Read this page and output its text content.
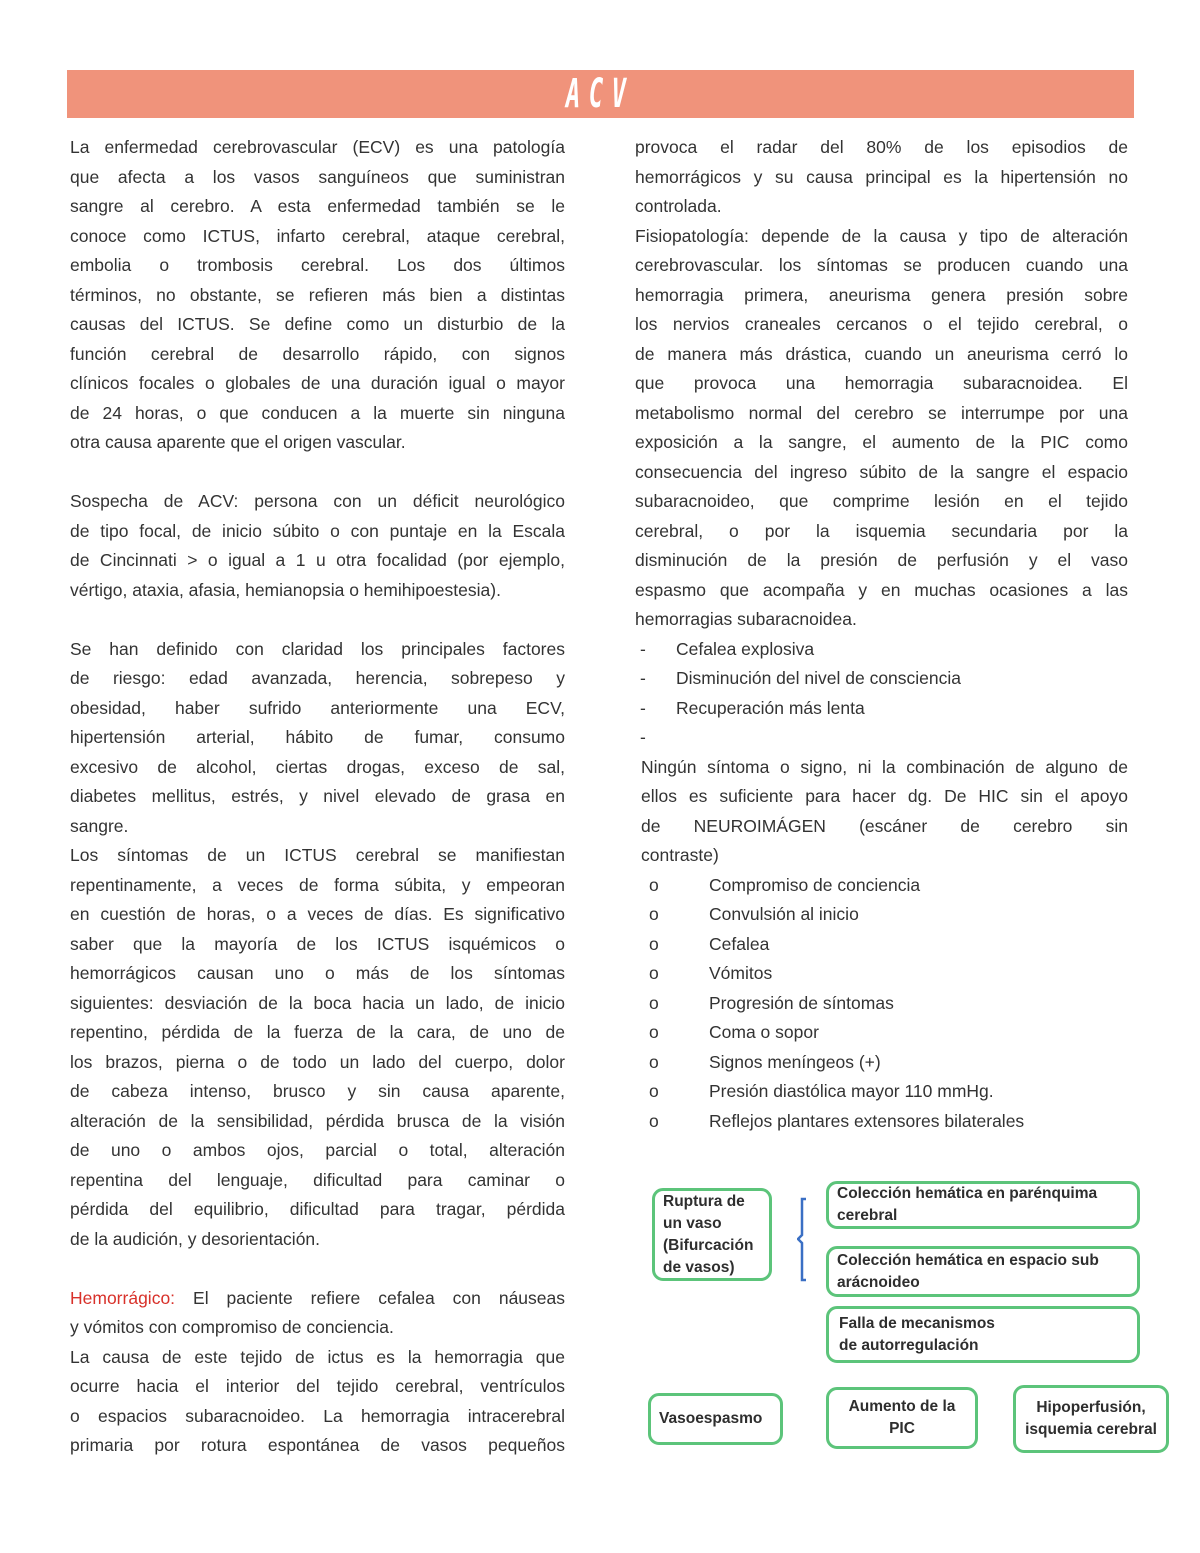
ACV
La enfermedad cerebrovascular (ECV) es una patología
que afecta a los vasos sanguíneos que suministran
sangre al cerebro. A esta enfermedad también se le
conoce como ICTUS, infarto cerebral, ataque cerebral,
embolia o trombosis cerebral. Los dos últimos
términos, no obstante, se refieren más bien a distintas
causas del ICTUS. Se define como un disturbio de la
función cerebral de desarrollo rápido, con signos
clínicos focales o globales de una duración igual o mayor
de 24 horas, o que conducen a la muerte sin ninguna
otra causa aparente que el origen vascular.
Sospecha de ACV: persona con un déficit neurológico
de tipo focal, de inicio súbito o con puntaje en la Escala
de Cincinnati > o igual a 1 u otra focalidad (por ejemplo,
vértigo, ataxia, afasia, hemianopsia o hemihipoestesia).
Se han definido con claridad los principales factores
de riesgo: edad avanzada, herencia, sobrepeso y
obesidad, haber sufrido anteriormente una ECV,
hipertensión arterial, hábito de fumar, consumo
excesivo de alcohol, ciertas drogas, exceso de sal,
diabetes mellitus, estrés, y nivel elevado de grasa en
sangre.
Los síntomas de un ICTUS cerebral se manifiestan
repentinamente, a veces de forma súbita, y empeoran
en cuestión de horas, o a veces de días. Es significativo
saber que la mayoría de los ICTUS isquémicos o
hemorrágicos causan uno o más de los síntomas
siguientes: desviación de la boca hacia un lado, de inicio
repentino, pérdida de la fuerza de la cara, de uno de
los brazos, pierna o de todo un lado del cuerpo, dolor
de cabeza intenso, brusco y sin causa aparente,
alteración de la sensibilidad, pérdida brusca de la visión
de uno o ambos ojos, parcial o total, alteración
repentina del lenguaje, dificultad para caminar o
pérdida del equilibrio, dificultad para tragar, pérdida
de la audición, y desorientación.
Hemorrágico: El paciente refiere cefalea con náuseas
y vómitos con compromiso de conciencia.
La causa de este tejido de ictus es la hemorragia que
ocurre hacia el interior del tejido cerebral, ventrículos
o espacios subaracnoideo. La hemorragia intracerebral
primaria por rotura espontánea de vasos pequeños
provoca el radar del 80% de los episodios de
hemorrágicos y su causa principal es la hipertensión no
controlada.
Fisiopatología: depende de la causa y tipo de alteración
cerebrovascular. los síntomas se producen cuando una
hemorragia primera, aneurisma genera presión sobre
los nervios craneales cercanos o el tejido cerebral, o
de manera más drástica, cuando un aneurisma cerró lo
que provoca una hemorragia subaracnoidea. El
metabolismo normal del cerebro se interrumpe por una
exposición a la sangre, el aumento de la PIC como
consecuencia del ingreso súbito de la sangre el espacio
subaracnoideo, que comprime lesión en el tejido
cerebral, o por la isquemia secundaria por la
disminución de la presión de perfusión y el vaso
espasmo que acompaña y en muchas ocasiones a las
hemorragias subaracnoidea.
- Cefalea explosiva
- Disminución del nivel de consciencia
- Recuperación más lenta
-
Ningún síntoma o signo, ni la combinación de alguno de
ellos es suficiente para hacer dg. De HIC sin el apoyo
de NEUROIMÁGEN (escáner de cerebro sin
contraste)
o	Compromiso de conciencia
o	Convulsión al inicio
o	Cefalea
o	Vómitos
o	Progresión de síntomas
o	Coma o sopor
o	Signos meníngeos (+)
o	Presión diastólica mayor 110 mmHg.
o	Reflejos plantares extensores bilaterales
Ruptura de un vaso (Bifurcación de vasos)
Colección hemática en parénquima cerebral
Colección hemática en espacio sub arácnoideo
Falla de mecanismos de autorregulación
Vasoespasmo
Aumento de la PIC
Hipoperfusión, isquemia cerebral
